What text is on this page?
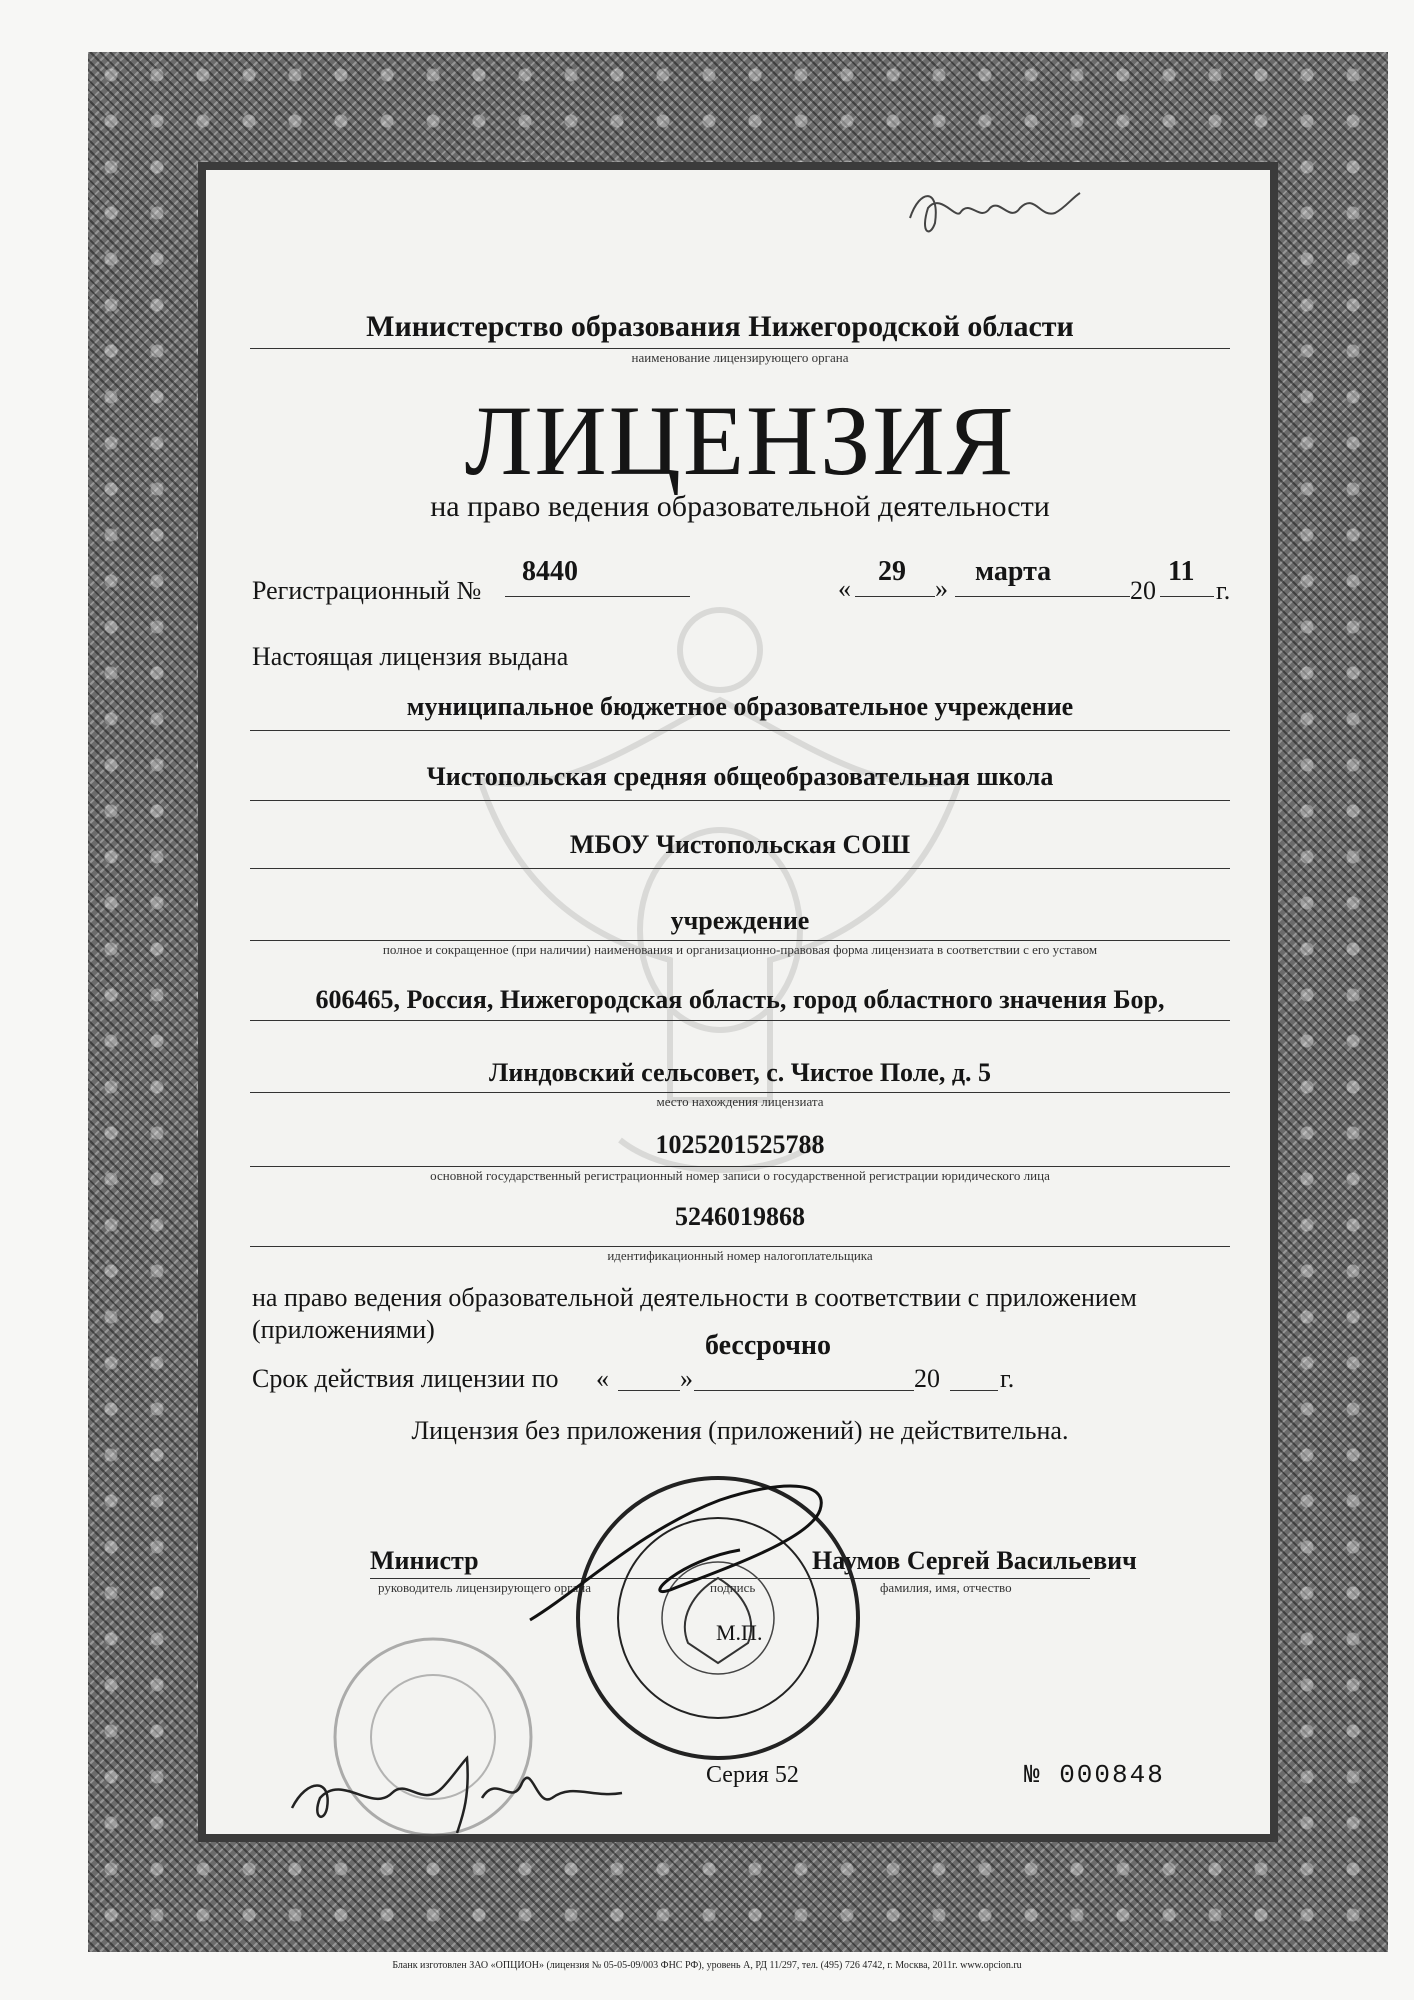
Министерство образования Нижегородской области
наименование лицензирующего органа
ЛИЦЕНЗИЯ
на право ведения образовательной деятельности
Регистрационный №
8440
«
29
»
марта
20
11
г.
Настоящая лицензия выдана
муниципальное бюджетное образовательное учреждение
Чистопольская средняя общеобразовательная школа
МБОУ Чистопольская СОШ
учреждение
полное и сокращенное (при наличии) наименования и организационно-правовая форма лицензиата в соответствии с его уставом
606465, Россия, Нижегородская область, город областного значения Бор,
Линдовский сельсовет, с. Чистое Поле, д. 5
место нахождения лицензиата
1025201525788
основной государственный регистрационный номер записи о государственной регистрации юридического лица
5246019868
идентификационный номер налогоплательщика
на право ведения образовательной деятельности в соответствии с приложением (приложениями)
бессрочно
Срок действия лицензии по «	»	20 г.
Лицензия без приложения (приложений) не действительна.
Министр
руководитель лицензирующего органа	подпись
Наумов Сергей Васильевич
фамилия, имя, отчество
М.П.
Серия 52	№ 000848
Бланк изготовлен ЗАО «ОПЦИОН» (лицензия № 05-05-09/003 ФНС РФ), уровень А, РД 11/297, тел. (495) 726 4742, г. Москва, 2011г. www.opcion.ru
